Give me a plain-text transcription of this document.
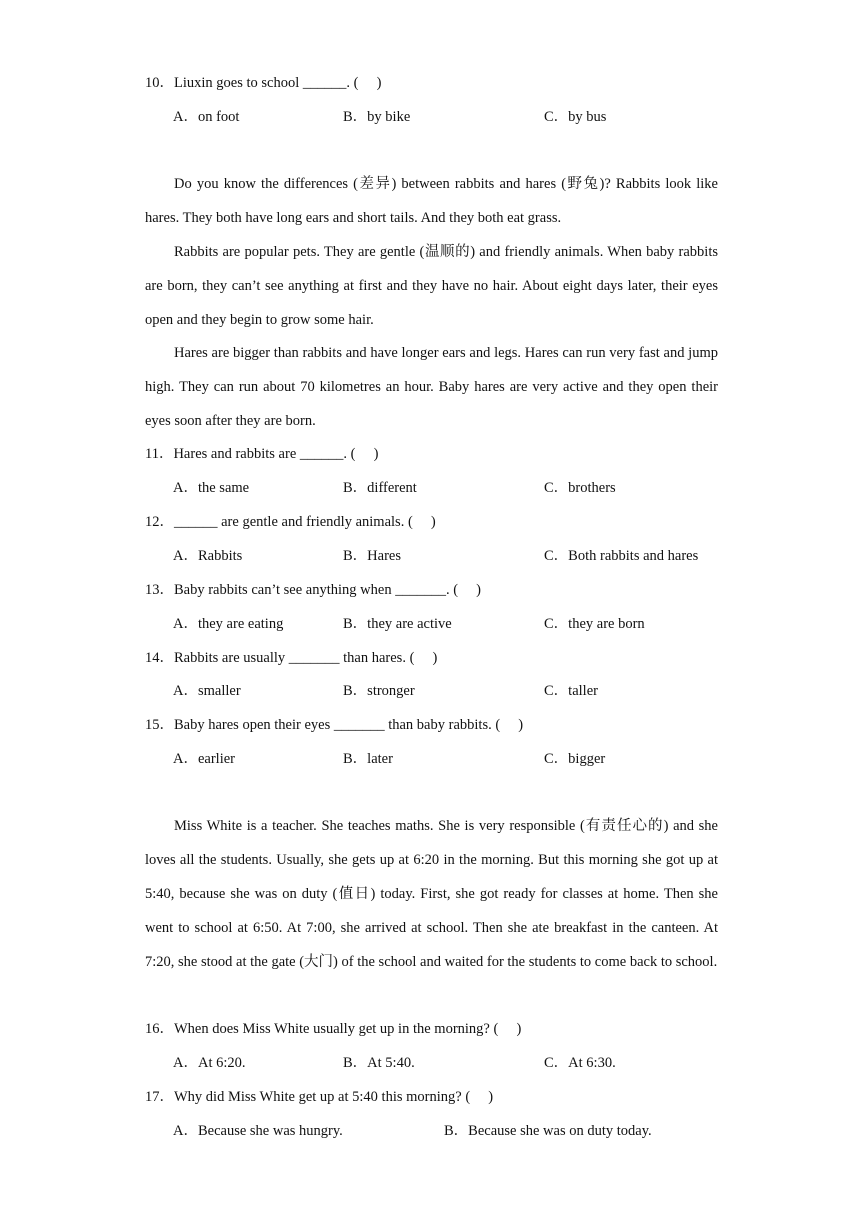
10．Liuxin goes to school ______. (　 )
A．on foot	B．by bike	C．by bus
Do you know the differences (差异) between rabbits and hares (野兔)? Rabbits look like hares. They both have long ears and short tails. And they both eat grass.
Rabbits are popular pets. They are gentle (温顺的) and friendly animals. When baby rabbits are born, they can’t see anything at first and they have no hair. About eight days later, their eyes open and they begin to grow some hair.
Hares are bigger than rabbits and have longer ears and legs. Hares can run very fast and jump high. They can run about 70 kilometres an hour. Baby hares are very active and they open their eyes soon after they are born.
11．Hares and rabbits are ______. (　 )
A．the same	B．different	C．brothers
12．______ are gentle and friendly animals. (　 )
A．Rabbits	B．Hares	C．Both rabbits and hares
13．Baby rabbits can’t see anything when _______. (　 )
A．they are eating	B．they are active	C．they are born
14．Rabbits are usually _______ than hares. (　 )
A．smaller	B．stronger	C．taller
15．Baby hares open their eyes _______ than baby rabbits. (　 )
A．earlier	B．later	C．bigger
Miss White is a teacher. She teaches maths. She is very responsible (有责任心的) and she loves all the students. Usually, she gets up at 6:20 in the morning. But this morning she got up at 5:40, because she was on duty (值日) today. First, she got ready for classes at home. Then she went to school at 6:50. At 7:00, she arrived at school. Then she ate breakfast in the canteen. At 7:20, she stood at the gate (大门) of the school and waited for the students to come back to school.
16．When does Miss White usually get up in the morning? (　 )
A．At 6:20.	B．At 5:40.	C．At 6:30.
17．Why did Miss White get up at 5:40 this morning? (　 )
A．Because she was hungry.	B．Because she was on duty today.
